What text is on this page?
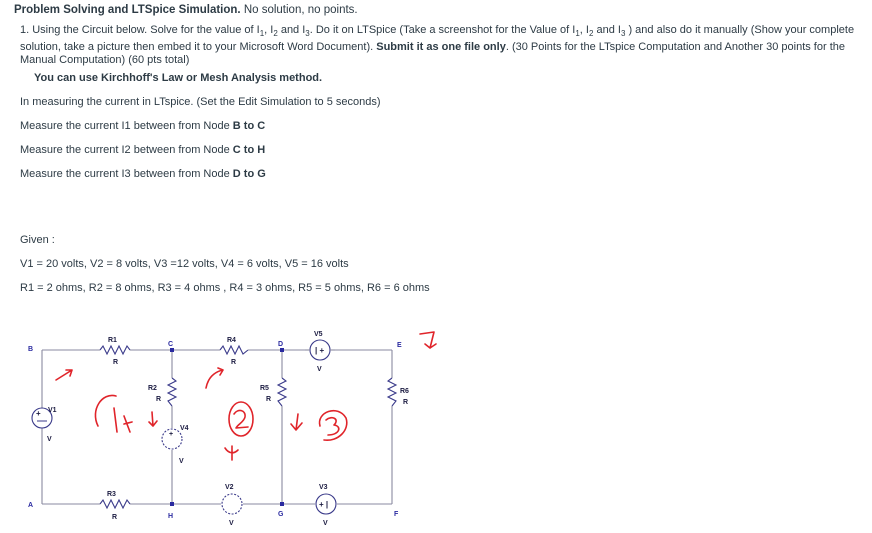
Problem Solving and LTSpice Simulation. No solution, no points.
1. Using the Circuit below. Solve for the value of $I_1$, $I_2$ and $I_3$. Do it on LTSpice (Take a screenshot for the Value of $I_1$, $I_2$ and $I_3$ ) and also do it manually (Show your complete solution, take a picture then embed it to your Microsoft Word Document). Submit it as one file only. (30 Points for the LTspice Computation and Another 30 points for the Manual Computation) (60 pts total)
You can use Kirchhoff's Law or Mesh Analysis method.
In measuring the current in LTspice. (Set the Edit Simulation to 5 seconds)
Measure the current I1 between from Node B to C
Measure the current I2 between from Node C to H
Measure the current I3 between from Node D to G
Given :
V1 = 20 volts, V2 = 8 volts, V3 =12 volts, V4 = 6 volts, V5 = 16 volts
R1 = 2 ohms, R2 = 8 ohms, R3 = 4 ohms , R4 = 3 ohms, R5 = 5 ohms, R6 = 6 ohms
B
A
C	D	E
F
G
H
R1
R
R4
R
| +
V5
V
R2
R
+
V4
V
R5
R
R6
R
+ V1
V
R3
R
V2
V
+ |
V3
V
